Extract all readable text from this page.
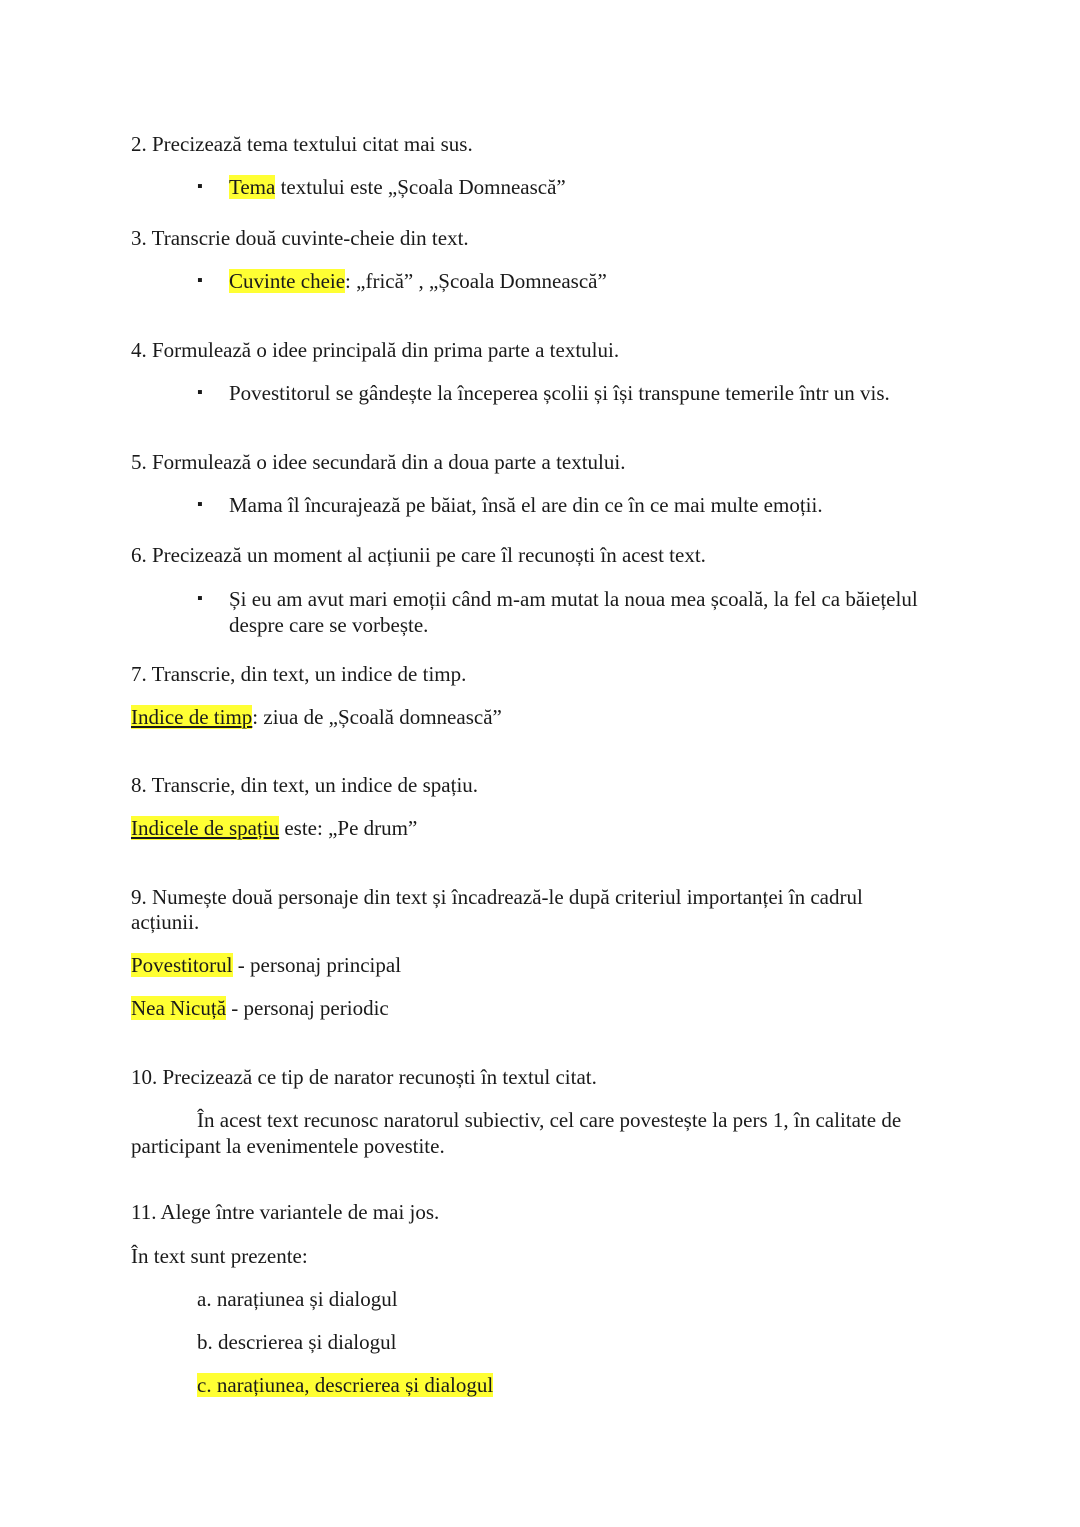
2. Precizează tema textului citat mai sus.
▪ Tema textului este „Școala Domnească”
3. Transcrie două cuvinte-cheie din text.
▪ Cuvinte cheie: „frică” , „Școala Domnească”
4. Formulează o idee principală din prima parte a textului.
▪ Povestitorul se gândește la începerea școlii și își transpune temerile într un vis.
5. Formulează o idee secundară din a doua parte a textului.
▪ Mama îl încurajează pe băiat, însă el are din ce în ce mai multe emoții.
6. Precizează un moment al acțiunii pe care îl recunoști în acest text.
▪ Și eu am avut mari emoții când m-am mutat la noua mea școală, la fel ca băiețelul despre care se vorbește.
7. Transcrie, din text, un indice de timp.
Indice de timp: ziua de „Școală domnească”
8. Transcrie, din text, un indice de spațiu.
Indicele de spațiu este: „Pe drum”
9. Numește două personaje din text și încadrează-le după criteriul importanței în cadrul
acțiunii.
Povestitorul - personaj principal
Nea Nicuță - personaj periodic
10. Precizează ce tip de narator recunoști în textul citat.
În acest text recunosc naratorul subiectiv, cel care povestește la pers 1, în calitate de participant la evenimentele povestite.
11. Alege între variantele de mai jos.
În text sunt prezente:
a. narațiunea și dialogul
b. descrierea și dialogul
c. narațiunea, descrierea și dialogul
